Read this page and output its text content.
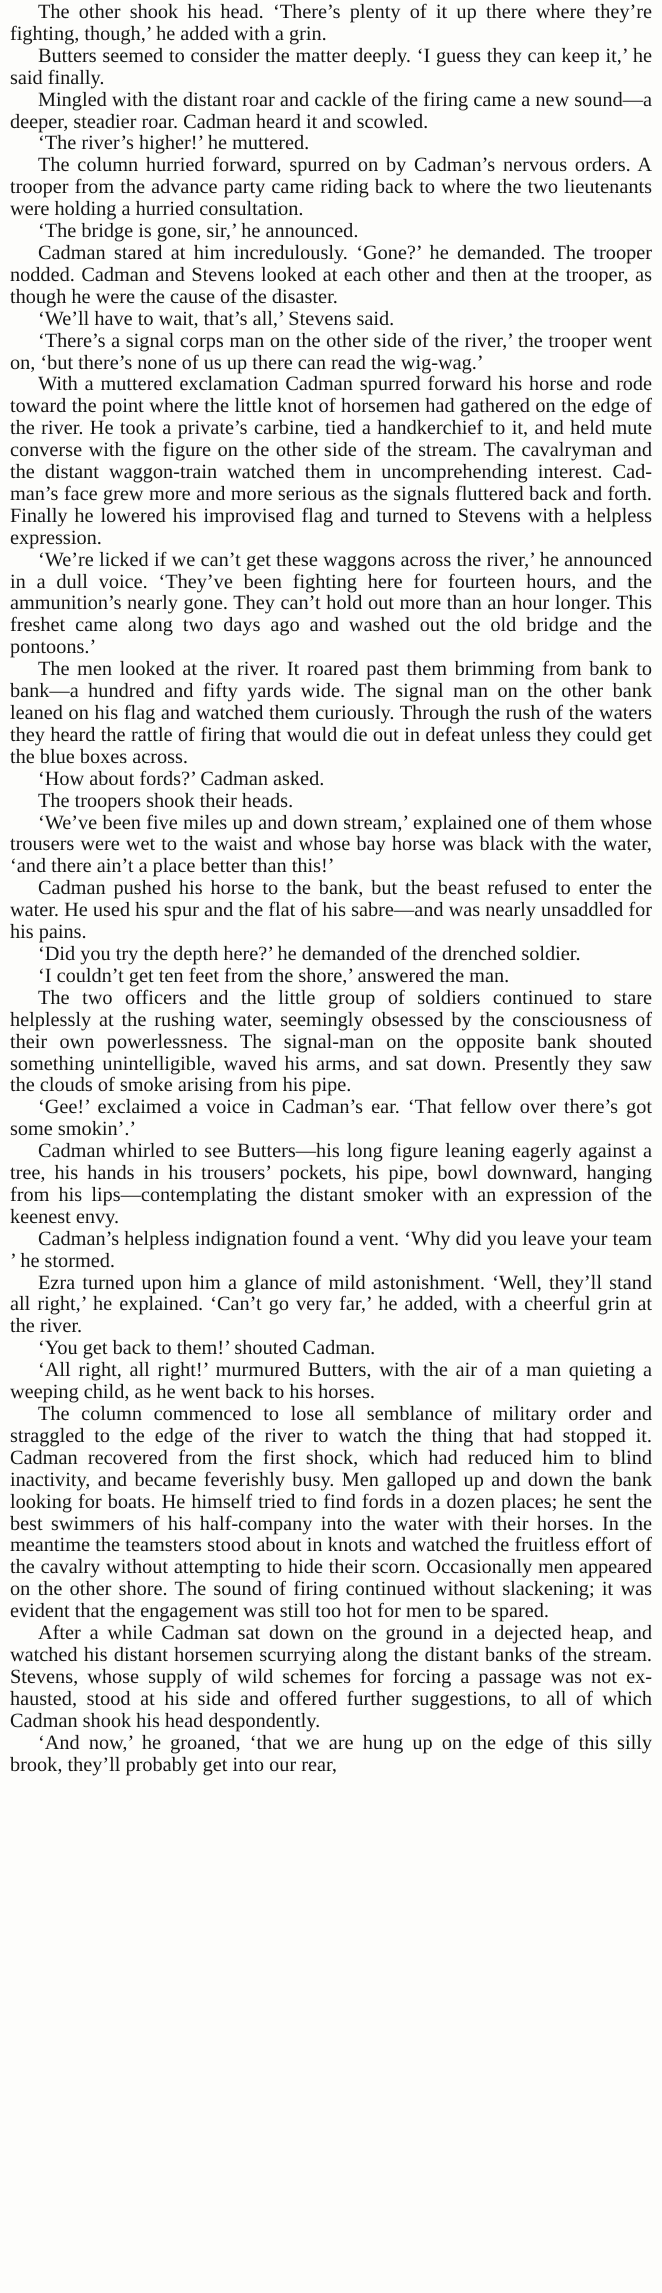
The other shook his head. ‘There’s plenty of it up there where they’re fighting, though,’ he added with a grin.

Butters seemed to consider the matter deeply. ‘I guess they can keep it,’ he said finally.

Mingled with the distant roar and cackle of the firing came a new sound—a deeper, steadier roar. Cadman heard it and scowled.

‘The river’s higher!’ he muttered.

The column hurried forward, spurred on by Cadman’s nervous orders. A trooper from the advance party came riding back to where the two lieutenants were holding a hurried consultation.

‘The bridge is gone, sir,’ he announced.

Cadman stared at him incredulously. ‘Gone?’ he demanded. The trooper nodded. Cadman and Stevens looked at each other and then at the trooper, as though he were the cause of the disaster.

‘We’ll have to wait, that’s all,’ Stevens said.

‘There’s a signal corps man on the other side of the river,’ the trooper went on, ‘but there’s none of us up there can read the wig-wag.’

With a muttered exclamation Cadman spurred forward his horse and rode toward the point where the little knot of horsemen had gathered on the edge of the river. He took a private’s carbine, tied a handkerchief to it, and held mute converse with the figure on the other side of the stream. The cavalryman and the distant waggon-train watched them in uncomprehending interest. Cadman’s face grew more and more serious as the signals fluttered back and forth. Finally he lowered his improvised flag and turned to Stevens with a helpless expression.

‘We’re licked if we can’t get these waggons across the river,’ he announced in a dull voice. ‘They’ve been fighting here for fourteen hours, and the ammunition’s nearly gone. They can’t hold out more than an hour longer. This freshet came along two days ago and washed out the old bridge and the pontoons.’

The men looked at the river. It roared past them brimming from bank to bank—a hundred and fifty yards wide. The signal man on the other bank leaned on his flag and watched them curiously. Through the rush of the waters they heard the rattle of firing that would die out in defeat unless they could get the blue boxes across.

‘How about fords?’ Cadman asked.

The troopers shook their heads.

‘We’ve been five miles up and down stream,’ explained one of them whose trousers were wet to the waist and whose bay horse was black with the water, ‘and there ain’t a place better than this!’

Cadman pushed his horse to the bank, but the beast refused to enter the water. He used his spur and the flat of his sabre—and was nearly unsaddled for his pains.

‘Did you try the depth here?’ he demanded of the drenched soldier.

‘I couldn’t get ten feet from the shore,’ answered the man.

The two officers and the little group of soldiers continued to stare helplessly at the rushing water, seemingly obsessed by the consciousness of their own powerlessness. The signal-man on the opposite bank shouted something unintelligible, waved his arms, and sat down. Presently they saw the clouds of smoke arising from his pipe.

‘Gee!’ exclaimed a voice in Cadman’s ear. ‘That fellow over there’s got some smokin’.’

Cadman whirled to see Butters—his long figure leaning eagerly against a tree, his hands in his trousers’ pockets, his pipe, bowl downward, hanging from his lips—contemplating the distant smoker with an expression of the keenest envy.

Cadman’s helpless indignation found a vent. ‘Why did you leave your team ’ he stormed.

Ezra turned upon him a glance of mild astonishment. ‘Well, they’ll stand all right,’ he explained. ‘Can’t go very far,’ he added, with a cheerful grin at the river.

‘You get back to them!’ shouted Cadman.

‘All right, all right!’ murmured Butters, with the air of a man quieting a weeping child, as he went back to his horses.

The column commenced to lose all semblance of military order and straggled to the edge of the river to watch the thing that had stopped it. Cadman recovered from the first shock, which had reduced him to blind inactivity, and became feverishly busy. Men galloped up and down the bank looking for boats. He himself tried to find fords in a dozen places; he sent the best swimmers of his half-company into the water with their horses. In the meantime the teamsters stood about in knots and watched the fruitless effort of the cavalry without attempting to hide their scorn. Occasionally men appeared on the other shore. The sound of firing continued without slackening; it was evident that the engagement was still too hot for men to be spared.

After a while Cadman sat down on the ground in a dejected heap, and watched his distant horsemen scurrying along the distant banks of the stream. Stevens, whose supply of wild schemes for forcing a passage was not exhausted, stood at his side and offered further suggestions, to all of which Cadman shook his head despondently.

‘And now,’ he groaned, ‘that we are hung up on the edge of this silly brook, they’ll probably get into our rear,
